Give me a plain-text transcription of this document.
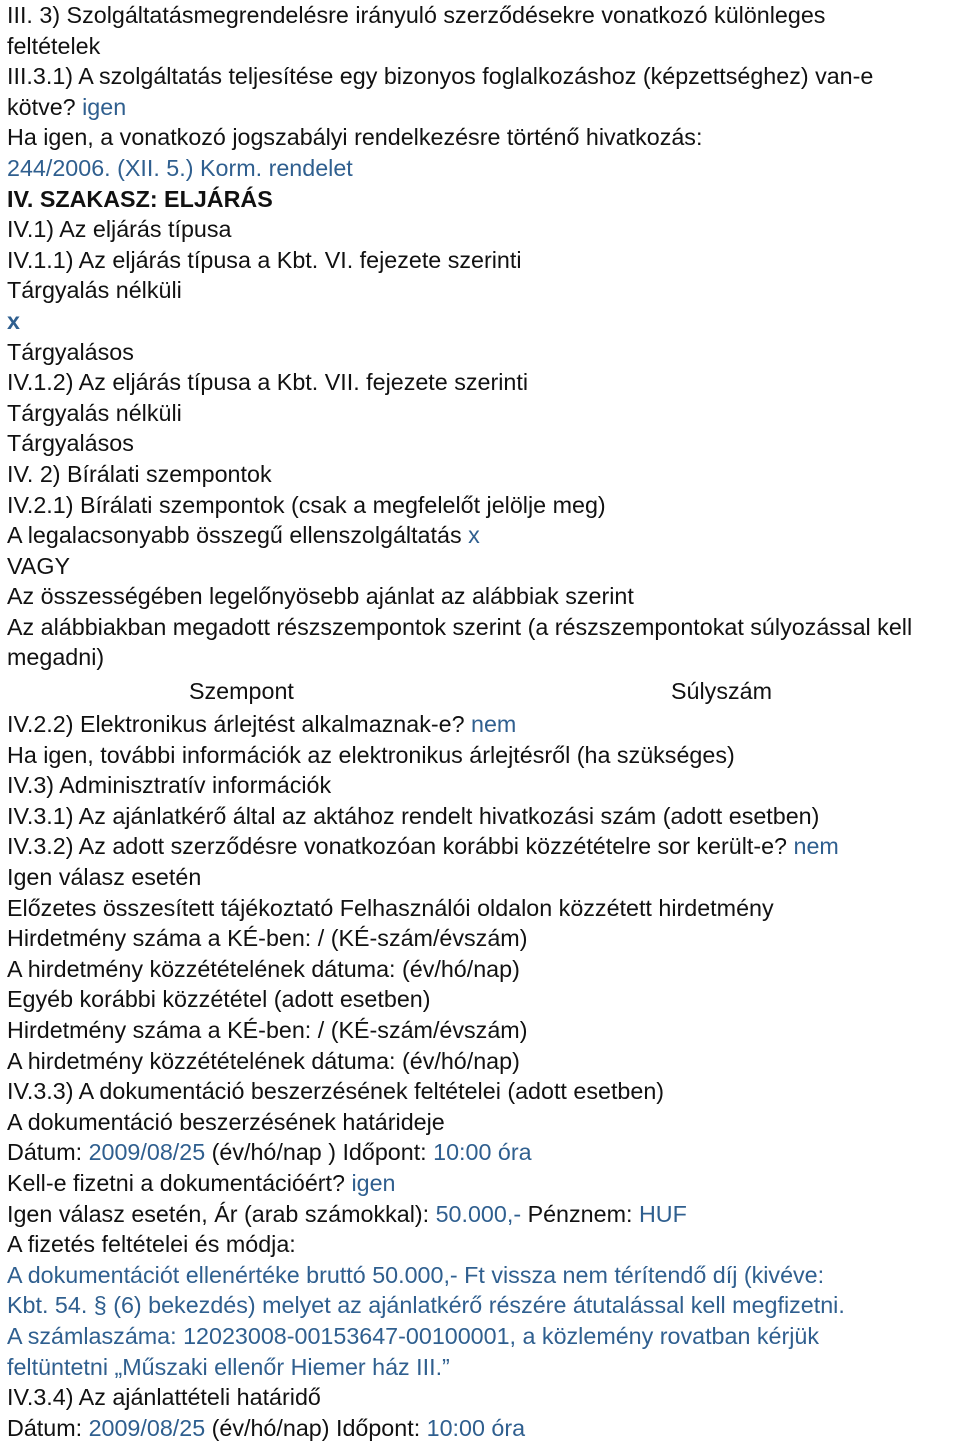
III. 3) Szolgáltatásmegrendelésre irányuló szerződésekre vonatkozó különleges
feltételek
III.3.1) A szolgáltatás teljesítése egy bizonyos foglalkozáshoz (képzettséghez) van-e
kötve? igen
Ha igen, a vonatkozó jogszabályi rendelkezésre történő hivatkozás:
244/2006. (XII. 5.) Korm. rendelet
IV. SZAKASZ: ELJÁRÁS
IV.1) Az eljárás típusa
IV.1.1) Az eljárás típusa a Kbt. VI. fejezete szerinti
Tárgyalás nélküli
x
Tárgyalásos
IV.1.2) Az eljárás típusa a Kbt. VII. fejezete szerinti
Tárgyalás nélküli
Tárgyalásos
IV. 2) Bírálati szempontok
IV.2.1) Bírálati szempontok (csak a megfelelőt jelölje meg)
A legalacsonyabb összegű ellenszolgáltatás x
VAGY
Az összességében legelőnyösebb ajánlat az alábbiak szerint
Az alábbiakban megadott részszempontok szerint (a részszempontokat súlyozással kell megadni)
Szempont	Súlyszám
IV.2.2) Elektronikus árlejtést alkalmaznak-e? nem
Ha igen, további információk az elektronikus árlejtésről (ha szükséges)
IV.3) Adminisztratív információk
IV.3.1) Az ajánlatkérő által az aktához rendelt hivatkozási szám (adott esetben)
IV.3.2) Az adott szerződésre vonatkozóan korábbi közzétételre sor került-e? nem
Igen válasz esetén
Előzetes összesített tájékoztató Felhasználói oldalon közzétett hirdetmény
Hirdetmény száma a KÉ-ben: / (KÉ-szám/évszám)
A hirdetmény közzétételének dátuma: (év/hó/nap)
Egyéb korábbi közzététel (adott esetben)
Hirdetmény száma a KÉ-ben: / (KÉ-szám/évszám)
A hirdetmény közzétételének dátuma: (év/hó/nap)
IV.3.3) A dokumentáció beszerzésének feltételei (adott esetben)
A dokumentáció beszerzésének határideje
Dátum: 2009/08/25 (év/hó/nap ) Időpont: 10:00 óra
Kell-e fizetni a dokumentációért? igen
Igen válasz esetén, Ár (arab számokkal): 50.000,- Pénznem: HUF
A fizetés feltételei és módja:
A dokumentációt ellenértéke bruttó 50.000,- Ft vissza nem térítendő díj (kivéve:
Kbt. 54. § (6) bekezdés) melyet az ajánlatkérő részére átutalással kell megfizetni.
A számlaszáma: 12023008-00153647-00100001, a közlemény rovatban kérjük
feltüntetni „Műszaki ellenőr Hiemer ház III.”
IV.3.4) Az ajánlattételi határidő
Dátum: 2009/08/25 (év/hó/nap) Időpont: 10:00 óra
